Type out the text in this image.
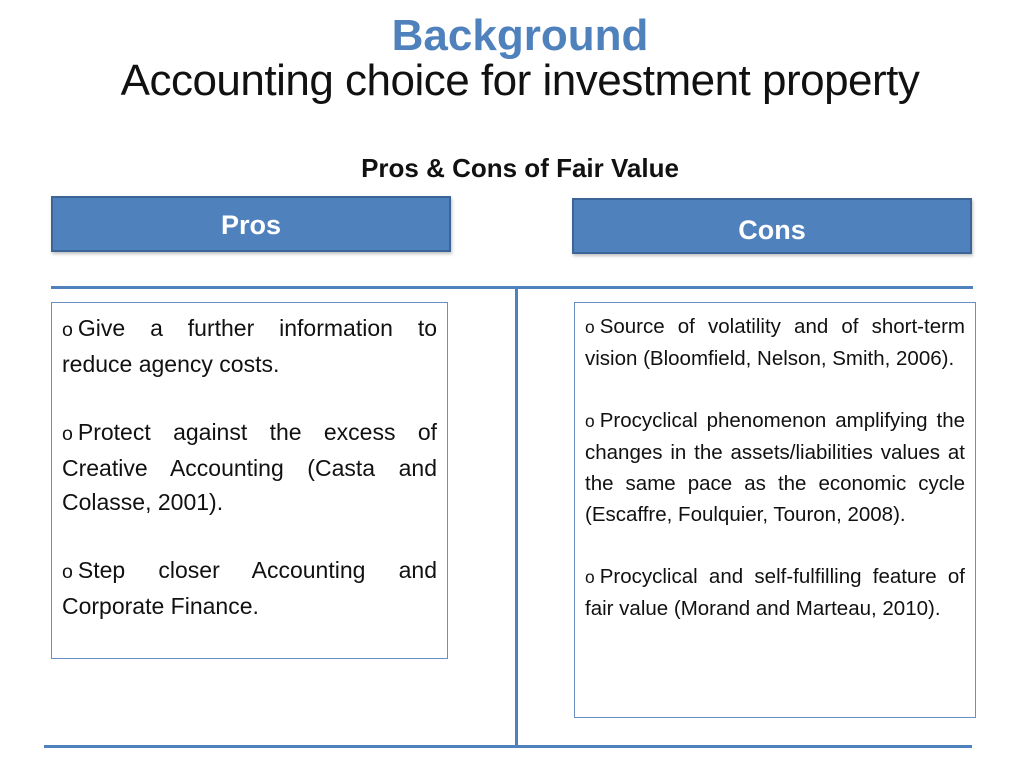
Background
Accounting choice for investment property
Pros & Cons of Fair Value
Pros	Cons

o Give a further information to reduce agency costs.

o Protect against the excess of Creative Accounting (Casta and Colasse, 2001).

o Step closer Accounting and Corporate Finance.

o Source of volatility and of short-term vision (Bloomfield, Nelson, Smith, 2006).

o Procyclical phenomenon amplifying the changes in the assets/liabilities values at the same pace as the economic cycle (Escaffre, Foulquier, Touron, 2008).

o Procyclical and self-fulfilling feature of fair value (Morand and Marteau, 2010).
